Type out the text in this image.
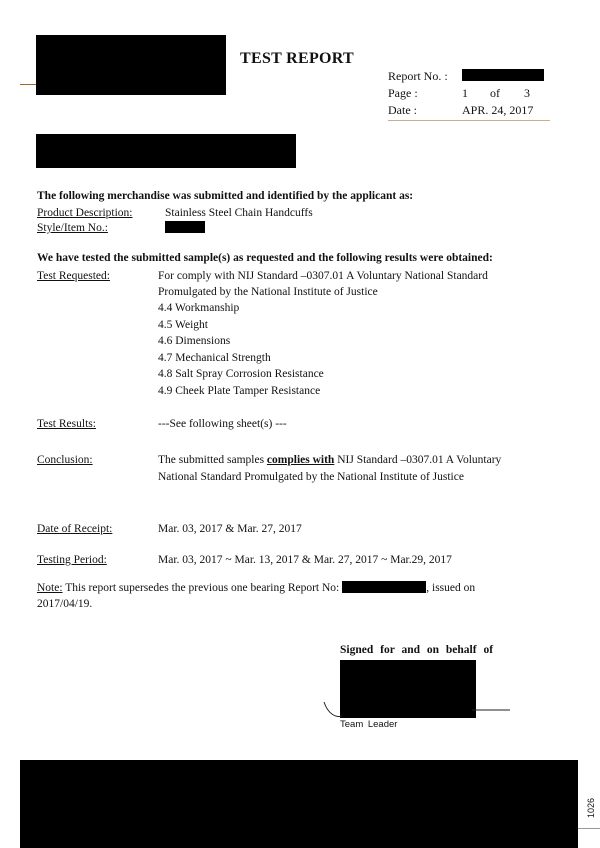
TEST REPORT
Report No. :
Page :	1 of 3
Date :	APR. 24, 2017
The following merchandise was submitted and identified by the applicant as:
Product Description:	Stainless Steel Chain Handcuffs
Style/Item No.:
We have tested the submitted sample(s) as requested and the following results were obtained:
Test Requested:	For comply with NIJ Standard –0307.01 A Voluntary National Standard
Promulgated by the National Institute of Justice
4.4 Workmanship
4.5 Weight
4.6 Dimensions
4.7 Mechanical Strength
4.8 Salt Spray Corrosion Resistance
4.9 Cheek Plate Tamper Resistance
Test Results:	---See following sheet(s) ---
Conclusion:	The submitted samples complies with NIJ Standard –0307.01 A Voluntary
National Standard Promulgated by the National Institute of Justice
Date of Receipt:	Mar. 03, 2017 & Mar. 27, 2017
Testing Period:	Mar. 03, 2017 ~ Mar. 13, 2017 & Mar. 27, 2017 ~ Mar.29, 2017
Note: This report supersedes the previous one bearing Report No:	, issued on
2017/04/19.
Signed for and on behalf of
Team Leader
1026
